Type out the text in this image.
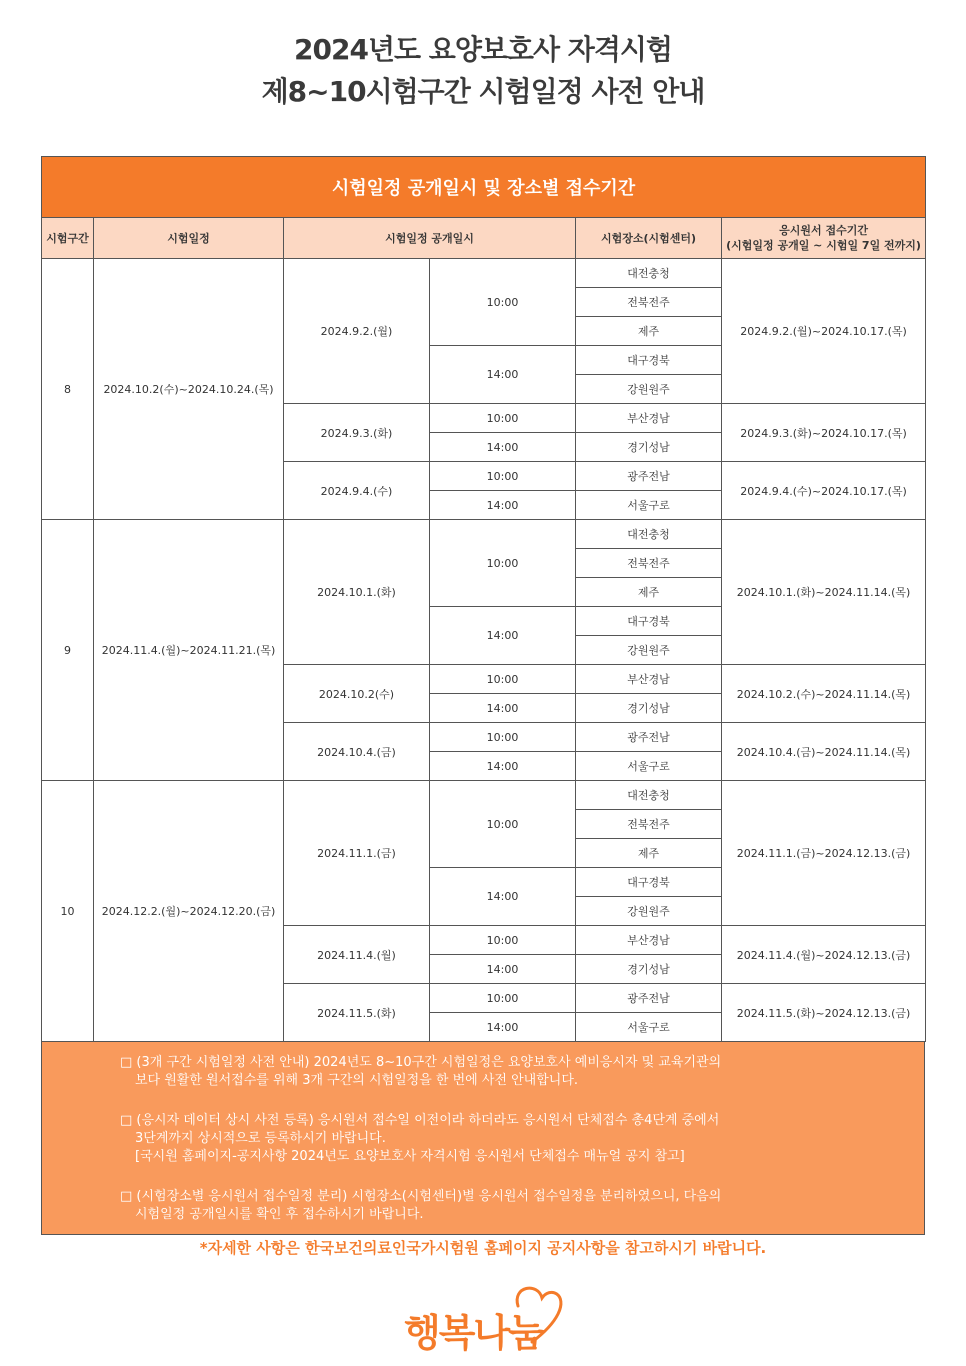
2024년도 요양보호사 자격시험
제8~10시험구간 시험일정 사전 안내
시험일정 공개일시 및 장소별 접수기간					
시험구간	시험일정	시험일정 공개일시		시험장소(시험센터)	응시원서 접수기간
(시험일정 공개일 ~ 시험일 7일 전까지)
8	2024.10.2(수)~2024.10.24.(목)	2024.9.2.(월)	10:00	대전충청	2024.9.2.(월)~2024.10.17.(목)
				전북전주	
				제주	
			14:00	대구경북	
				강원원주	
		2024.9.3.(화)	10:00	부산경남	2024.9.3.(화)~2024.10.17.(목)
			14:00	경기성남	
		2024.9.4.(수)	10:00	광주전남	2024.9.4.(수)~2024.10.17.(목)
			14:00	서울구로	
9	2024.11.4.(월)~2024.11.21.(목)	2024.10.1.(화)	10:00	대전충청	2024.10.1.(화)~2024.11.14.(목)
				전북전주	
				제주	
			14:00	대구경북	
				강원원주	
		2024.10.2(수)	10:00	부산경남	2024.10.2.(수)~2024.11.14.(목)
			14:00	경기성남	
		2024.10.4.(금)	10:00	광주전남	2024.10.4.(금)~2024.11.14.(목)
			14:00	서울구로	
10	2024.12.2.(월)~2024.12.20.(금)	2024.11.1.(금)	10:00	대전충청	2024.11.1.(금)~2024.12.13.(금)
				전북전주	
				제주	
			14:00	대구경북	
				강원원주	
		2024.11.4.(월)	10:00	부산경남	2024.11.4.(월)~2024.12.13.(금)
			14:00	경기성남	
		2024.11.5.(화)	10:00	광주전남	2024.11.5.(화)~2024.12.13.(금)
			14:00	서울구로	

□ (3개 구간 시험일정 사전 안내) 2024년도 8~10구간 시험일정은 요양보호사 예비응시자 및 교육기관의

보다 원활한 원서접수를 위해 3개 구간의 시험일정을 한 번에 사전 안내합니다.

□ (응시자 데이터 상시 사전 등록) 응시원서 접수일 이전이라 하더라도 응시원서 단체접수 총4단계 중에서

3단계까지 상시적으로 등록하시기 바랍니다.

[국시원 홈페이지-공지사항 2024년도 요양보호사 자격시험 응시원서 단체접수 매뉴얼 공지 참고]

□ (시험장소별 응시원서 접수일정 분리) 시험장소(시험센터)별 응시원서 접수일정을 분리하였으니, 다음의

시험일정 공개일시를 확인 후 접수하시기 바랍니다.

*자세한 사항은 한국보건의료인국가시험원 홈페이지 공지사항을 참고하시기 바랍니다.
행복나눔
